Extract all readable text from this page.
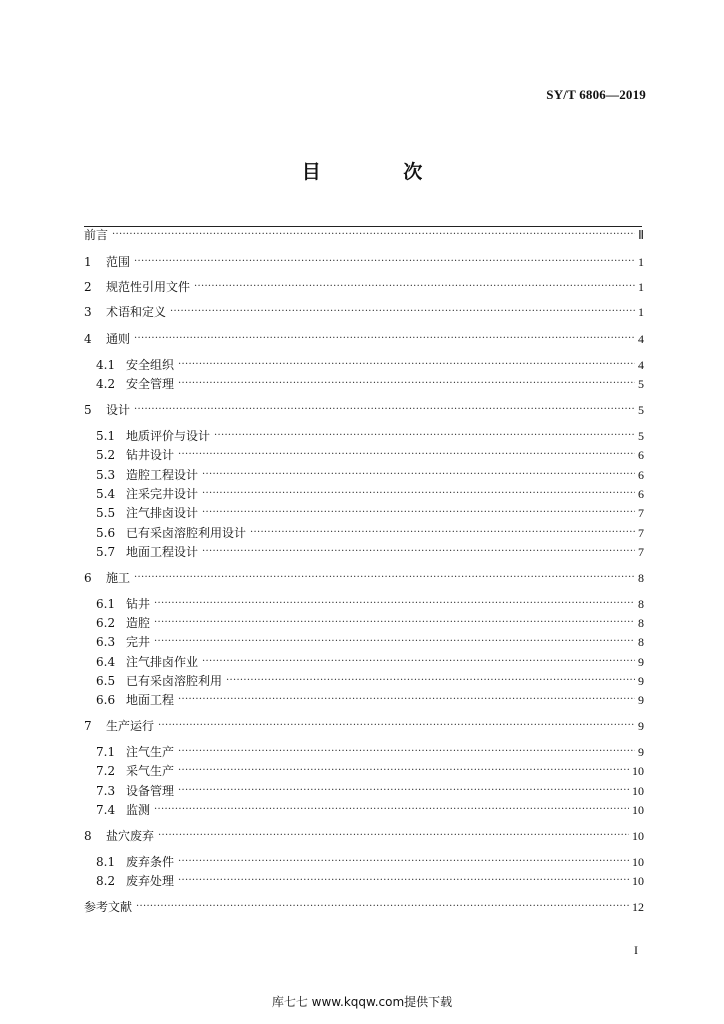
SY/T 6806—2019
目 次
前言 ·····	Ⅱ
1	范围 ·····	1
2	规范性引用文件 ·····	1
3	术语和定义 ·····	1
4	通则 ·····	4
4.1 安全组织 ·····	4
4.2 安全管理 ·····	5
5	设计 ·····	5
5.1 地质评价与设计 ·····	5
5.2 钻井设计 ·····	6
5.3 造腔工程设计 ·····	6
5.4 注采完井设计 ·····	6
5.5 注气排卤设计 ·····	7
5.6 已有采卤溶腔利用设计 ·····	7
5.7 地面工程设计 ·····	7
6	施工 ·····	8
6.1 钻井 ·····	8
6.2 造腔 ·····	8
6.3 完井 ·····	8
6.4 注气排卤作业 ·····	9
6.5 已有采卤溶腔利用 ·····	9
6.6 地面工程 ·····	9
7	生产运行 ·····	9
7.1 注气生产 ·····	9
7.2 采气生产 ·····	10
7.3 设备管理 ·····	10
7.4 监测 ·····	10
8	盐穴废弃 ·····	10
8.1 废弃条件 ·····	10
8.2 废弃处理 ·····	10
参考文献 ·····	12
I
库七七 www.kqqw.com提供下载
